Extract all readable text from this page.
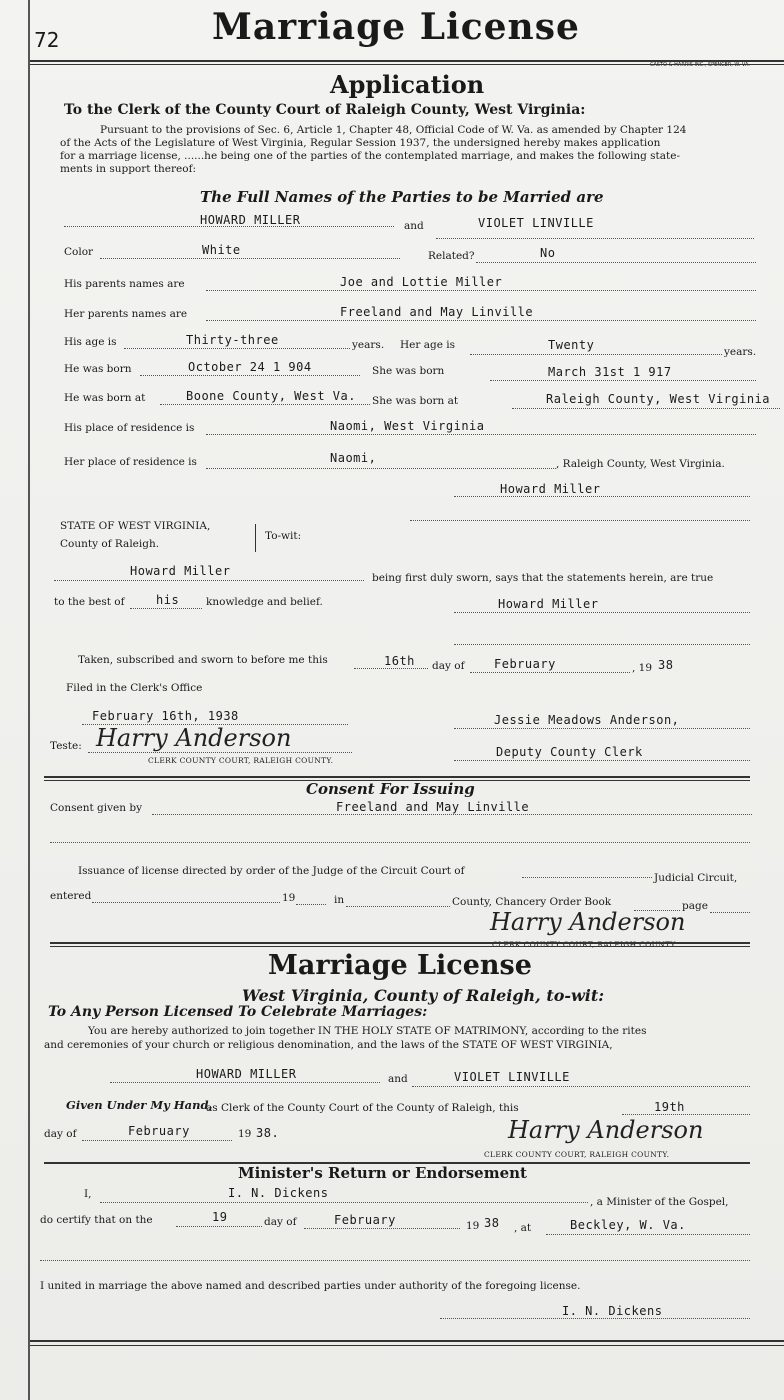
72	Marriage License
CASTO & HARRIS INC., SPENCER, W. VA.
Application
To the Clerk of the County Court of Raleigh County, West Virginia:
Pursuant to the provisions of Sec. 6, Article 1, Chapter 48, Official Code of W. Va. as amended by Chapter 124
of the Acts of the Legislature of West Virginia, Regular Session 1937, the undersigned hereby makes application
for a marriage license, ......he being one of the parties of the contemplated marriage, and makes the following state-
ments in support thereof:
The Full Names of the Parties to be Married are
HOWARD MILLER	and	VIOLET LINVILLE
Color	White	Related?	No
His parents names are	Joe and Lottie Miller
Her parents names are	Freeland and May Linville
His age is	Thirty-three	years. Her age is	Twenty	years.
He was born	October 24 1 904	She was born	March 31st 1 917
He was born at	Boone County, West Va. She was born at	Raleigh County, West Virginia
His place of residence is	Naomi, West Virginia
Her place of residence is	Naomi,	, Raleigh County, West Virginia.
Howard Miller
STATE OF WEST VIRGINIA,
County of Raleigh.
To-wit:
Howard Miller	being first duly sworn, says that the statements herein, are true
to the best of	his	knowledge and belief.	Howard Miller
Taken, subscribed and sworn to before me this	16th day of February	, 19 38
Filed in the Clerk's Office
February 16th, 1938	Jessie Meadows Anderson,
Teste: Harry Anderson
CLERK COUNTY COURT, RALEIGH COUNTY.
Deputy County Clerk
Consent For Issuing
Consent given by	Freeland and May Linville
Issuance of license directed by order of the Judge of the Circuit Court of
Judicial Circuit,
entered	19	in	County, Chancery Order Book	page
Harry Anderson
CLERK COUNTY COURT, RALEIGH COUNTY.
Marriage License
West Virginia, County of Raleigh, to-wit:
To Any Person Licensed To Celebrate Marriages:
You are hereby authorized to join together IN THE HOLY STATE OF MATRIMONY, according to the rites
and ceremonies of your church or religious denomination, and the laws of the STATE OF WEST VIRGINIA,
HOWARD MILLER	and	VIOLET LINVILLE
Given Under My Hand,
as Clerk of the County Court of the County of Raleigh, this	19th
day of	February	19 38.	Harry Anderson
CLERK COUNTY COURT, RALEIGH COUNTY.
Minister's Return or Endorsement
I,	I. N. Dickens
, a Minister of the Gospel,
do certify that on the	19	day of	February	19 38 , at	Beckley, W. Va.
I united in marriage the above named and described parties under authority of the foregoing license.
I. N. Dickens
